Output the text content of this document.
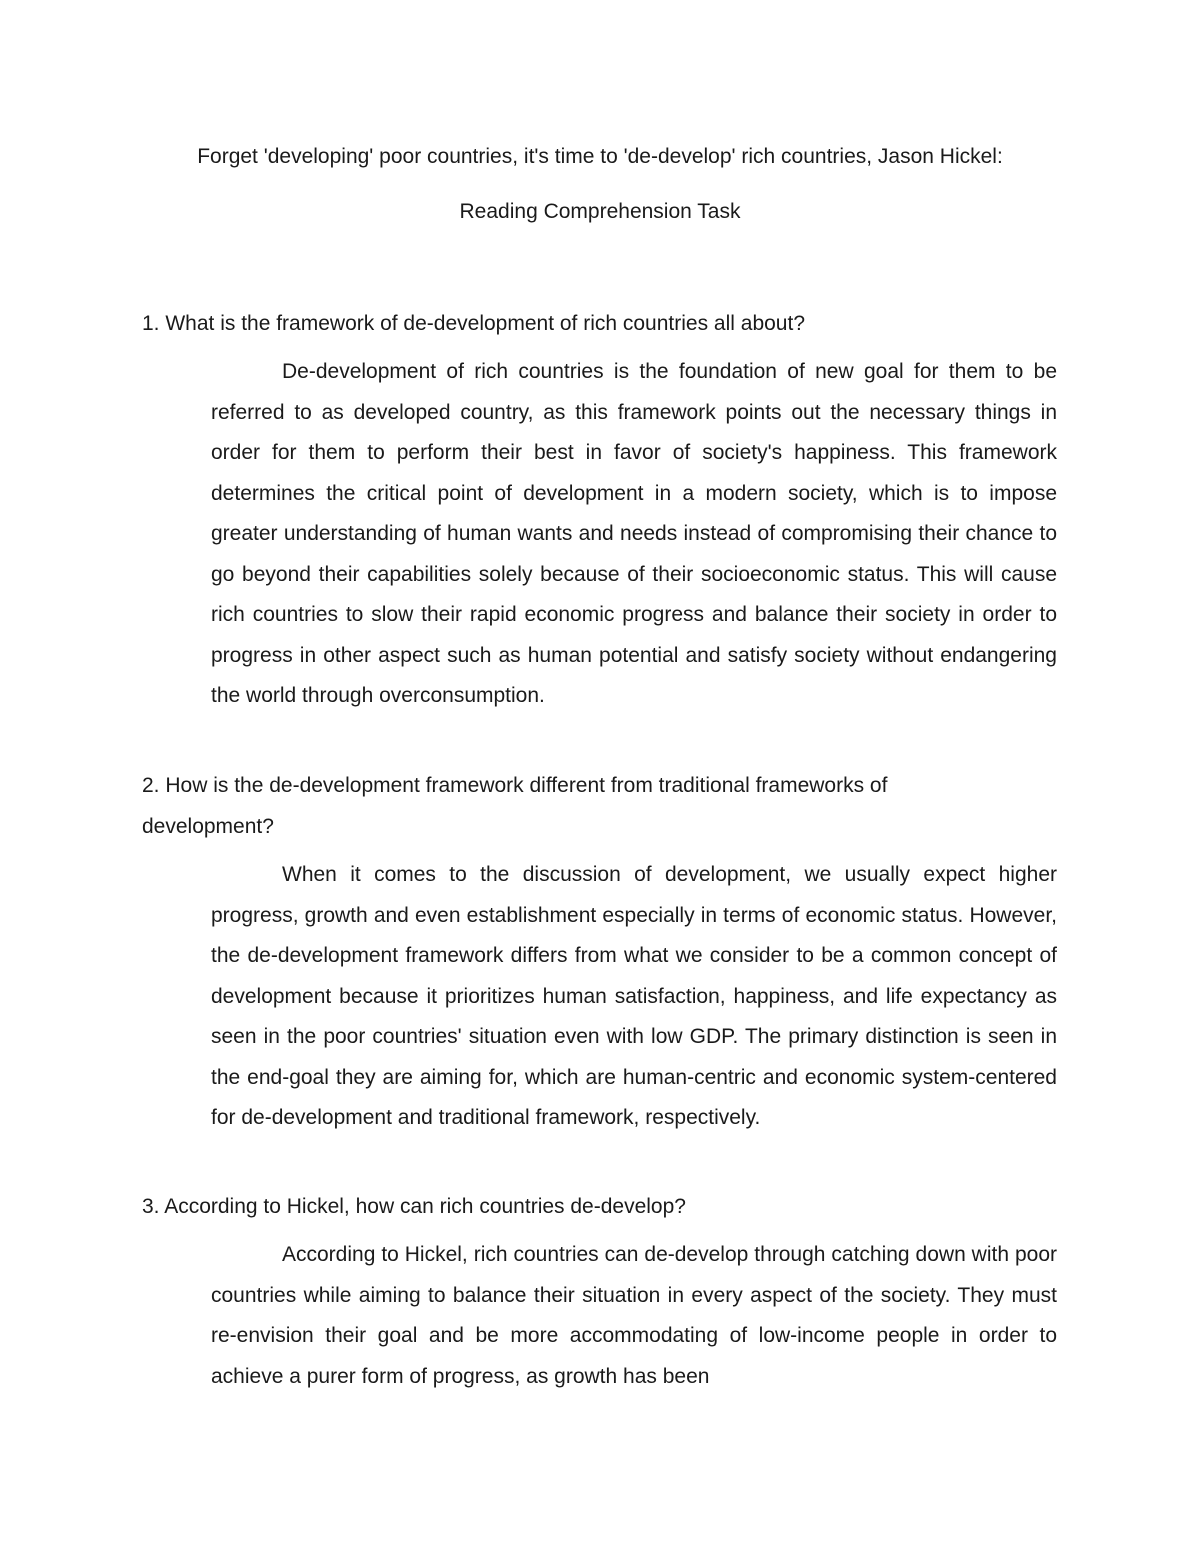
Forget 'developing' poor countries, it's time to 'de-develop' rich countries, Jason Hickel:

Reading Comprehension Task

1. What is the framework of de-development of rich countries all about?

De-development of rich countries is the foundation of new goal for them to be referred to as developed country, as this framework points out the necessary things in order for them to perform their best in favor of society's happiness. This framework determines the critical point of development in a modern society, which is to impose greater understanding of human wants and needs instead of compromising their chance to go beyond their capabilities solely because of their socioeconomic status. This will cause rich countries to slow their rapid economic progress and balance their society in order to progress in other aspect such as human potential and satisfy society without endangering the world through overconsumption.

2. How is the de-development framework different from traditional frameworks of development?

When it comes to the discussion of development, we usually expect higher progress, growth and even establishment especially in terms of economic status. However, the de-development framework differs from what we consider to be a common concept of development because it prioritizes human satisfaction, happiness, and life expectancy as seen in the poor countries' situation even with low GDP. The primary distinction is seen in the end-goal they are aiming for, which are human-centric and economic system-centered for de-development and traditional framework, respectively.

3. According to Hickel, how can rich countries de-develop?

According to Hickel, rich countries can de-develop through catching down with poor countries while aiming to balance their situation in every aspect of the society. They must re-envision their goal and be more accommodating of low-income people in order to achieve a purer form of progress, as growth has been
